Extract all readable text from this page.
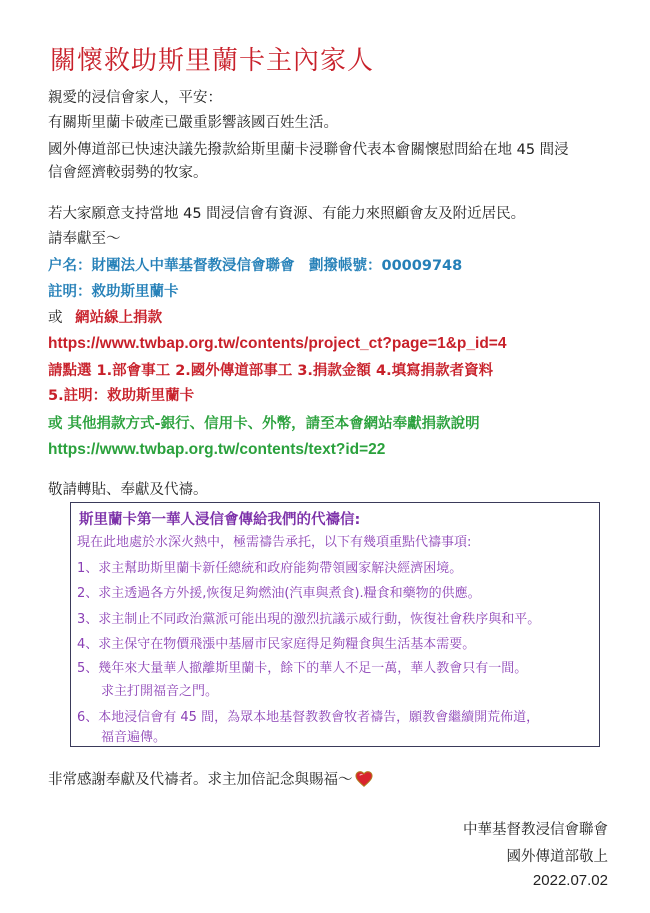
關懷救助斯里蘭卡主內家人
親愛的浸信會家人，平安：
有關斯里蘭卡破產已嚴重影響該國百姓生活。
國外傳道部已快速決議先撥款給斯里蘭卡浸聯會代表本會關懷慰問給在地 45 間浸
信會經濟較弱勢的牧家。
若大家願意支持當地 45 間浸信會有資源、有能力來照顧會友及附近居民。
請奉獻至～
户名：財團法人中華基督教浸信會聯會　劃撥帳號：00009748
註明：救助斯里蘭卡
或 網站線上捐款
https://www.twbap.org.tw/contents/project_ct?page=1&p_id=4
請點選 1.部會事工 2.國外傳道部事工 3.捐款金額 4.填寫捐款者資料
5.註明：救助斯里蘭卡
或 其他捐款方式-銀行、信用卡、外幣，請至本會網站奉獻捐款說明
https://www.twbap.org.tw/contents/text?id=22
敬請轉貼、奉獻及代禱。
斯里蘭卡第一華人浸信會傳給我們的代禱信:
現在此地處於水深火熱中，極需禱告承托，以下有幾項重點代禱事項:
1、求主幫助斯里蘭卡新任總統和政府能夠帶領國家解決經濟困境。
2、求主透過各方外援,恢復足夠燃油(汽車與煮食).糧食和藥物的供應。
3、求主制止不同政治黨派可能出現的激烈抗議示威行動，恢復社會秩序與和平。
4、求主保守在物價飛漲中基層市民家庭得足夠糧食與生活基本需要。
5、幾年來大量華人撤離斯里蘭卡，餘下的華人不足一萬，華人教會只有一間。
求主打開福音之門。
6、本地浸信會有 45 間，為眾本地基督教教會牧者禱告，願教會繼續開荒佈道，
福音遍傳。
非常感謝奉獻及代禱者。求主加倍記念與賜福～
中華基督教浸信會聯會
國外傳道部敬上
2022.07.02
